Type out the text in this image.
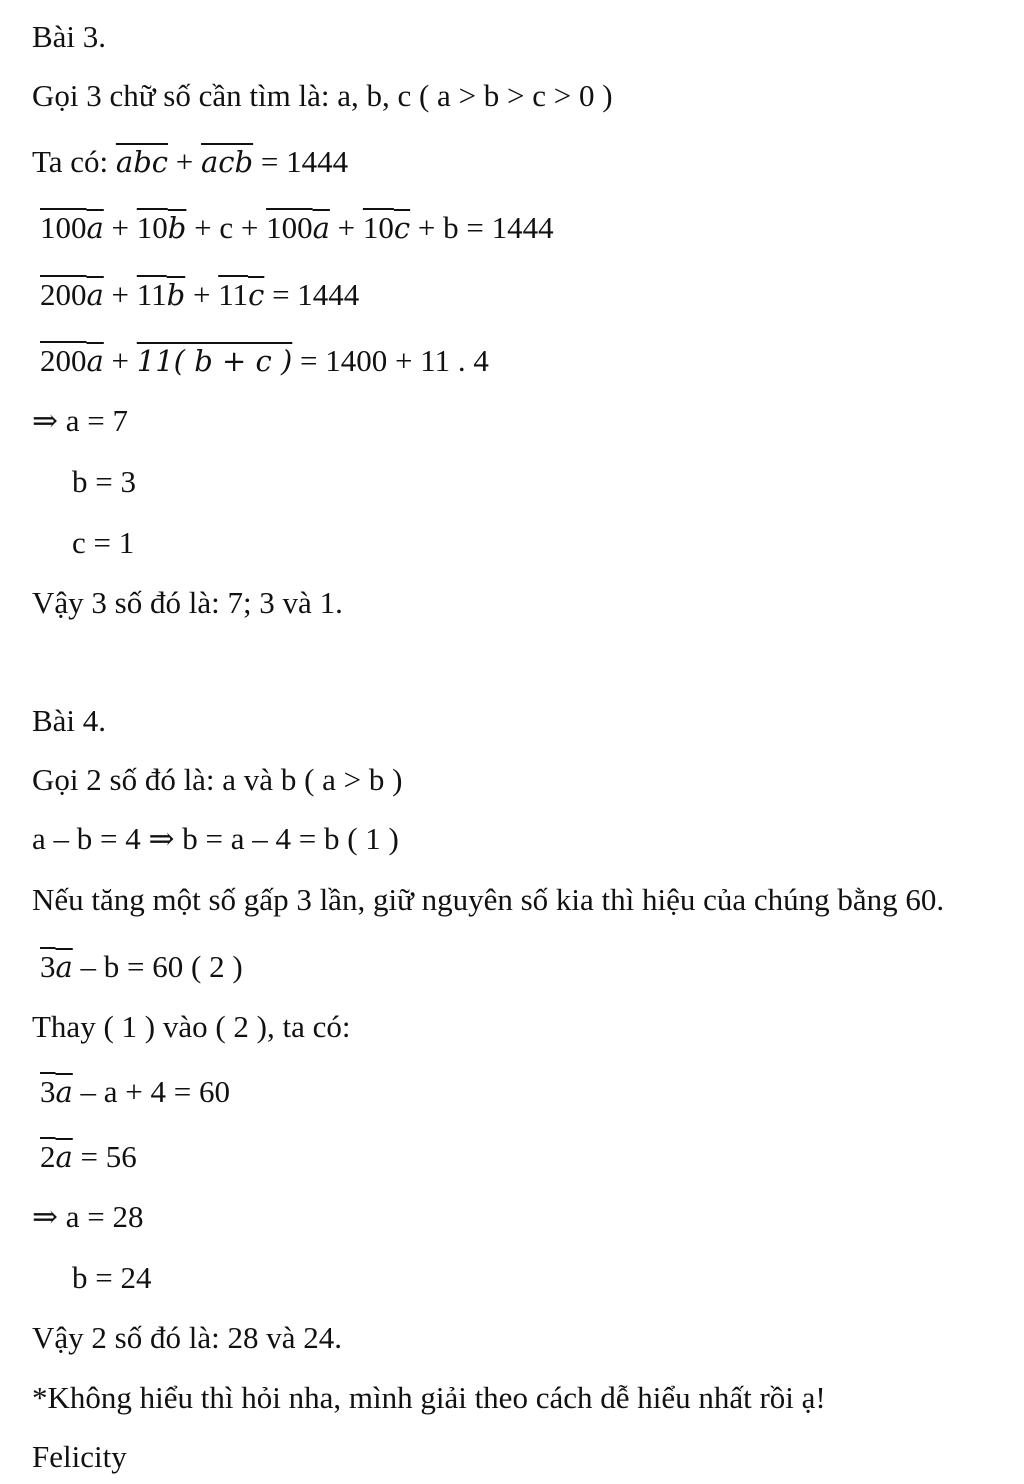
Bài 3.
Gọi 3 chữ số cần tìm là: a, b, c ( a > b > c > 0 )
Ta có: $\overline{abc} + \overline{acb} = 1444$
100a + 10b + c + 100a + 10c + b = 1444
200a + 11b + 11c = 1444
200a + 11( b + c ) = 1400 + 11 . 4
⇒ a = 7
b = 3
c = 1
Vậy 3 số đó là: 7; 3 và 1.
Bài 4.
Gọi 2 số đó là: a và b ( a > b )
a – b = 4 ⇒ b = a – 4 = b ( 1 )
Nếu tăng một số gấp 3 lần, giữ nguyên số kia thì hiệu của chúng bằng 60.
3a – b = 60 ( 2 )
Thay ( 1 ) vào ( 2 ), ta có:
3a – a + 4 = 60
2a = 56
⇒ a = 28
b = 24
Vậy 2 số đó là: 28 và 24.
*Không hiểu thì hỏi nha, mình giải theo cách dễ hiểu nhất rồi ạ!
Felicity
